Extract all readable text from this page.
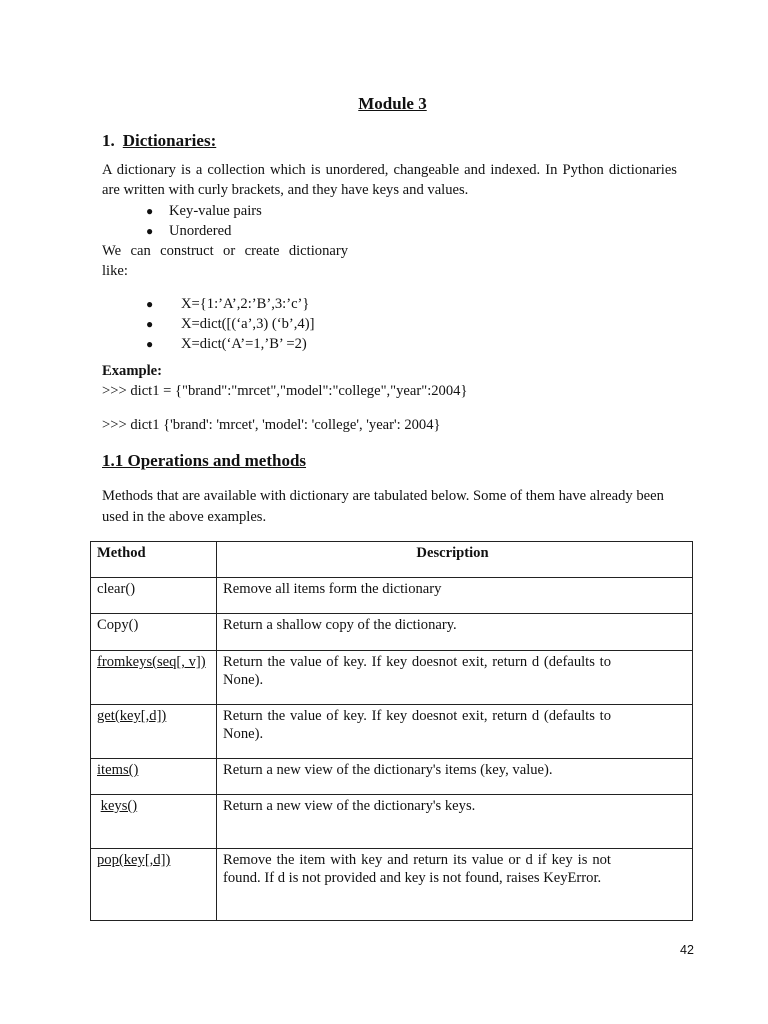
Module 3
1. Dictionaries:
A dictionary is a collection which is unordered, changeable and indexed. In Python dictionaries are written with curly brackets, and they have keys and values.
● Key-value pairs
● Unordered
We can construct or create dictionary like:
● X={1:’A’,2:’B’,3:’c’}
● X=dict([(‘a’,3) (‘b’,4)]
● X=dict(‘A’=1,’B’ =2)
Example:
>>> dict1 = {"brand":"mrcet","model":"college","year":2004}
>>> dict1 {'brand': 'mrcet', 'model': 'college', 'year': 2004}
1.1 Operations and methods
Methods that are available with dictionary are tabulated below. Some of them have already been used in the above examples.
Method	Description
clear()	Remove all items form the dictionary
Copy()	Return a shallow copy of the dictionary.
fromkeys(seq[, v])	Return the value of key. If key doesnot exit, return d (defaults to None).

get(key[,d])	Return the value of key. If key doesnot exit, return d (defaults to None).

items()	Return a new view of the dictionary's items (key, value).
keys()	Return a new view of the dictionary's keys.
pop(key[,d])	Remove the item with key and return its value or d if key is not found. If d is not provided and key is not found, raises KeyError.
42
